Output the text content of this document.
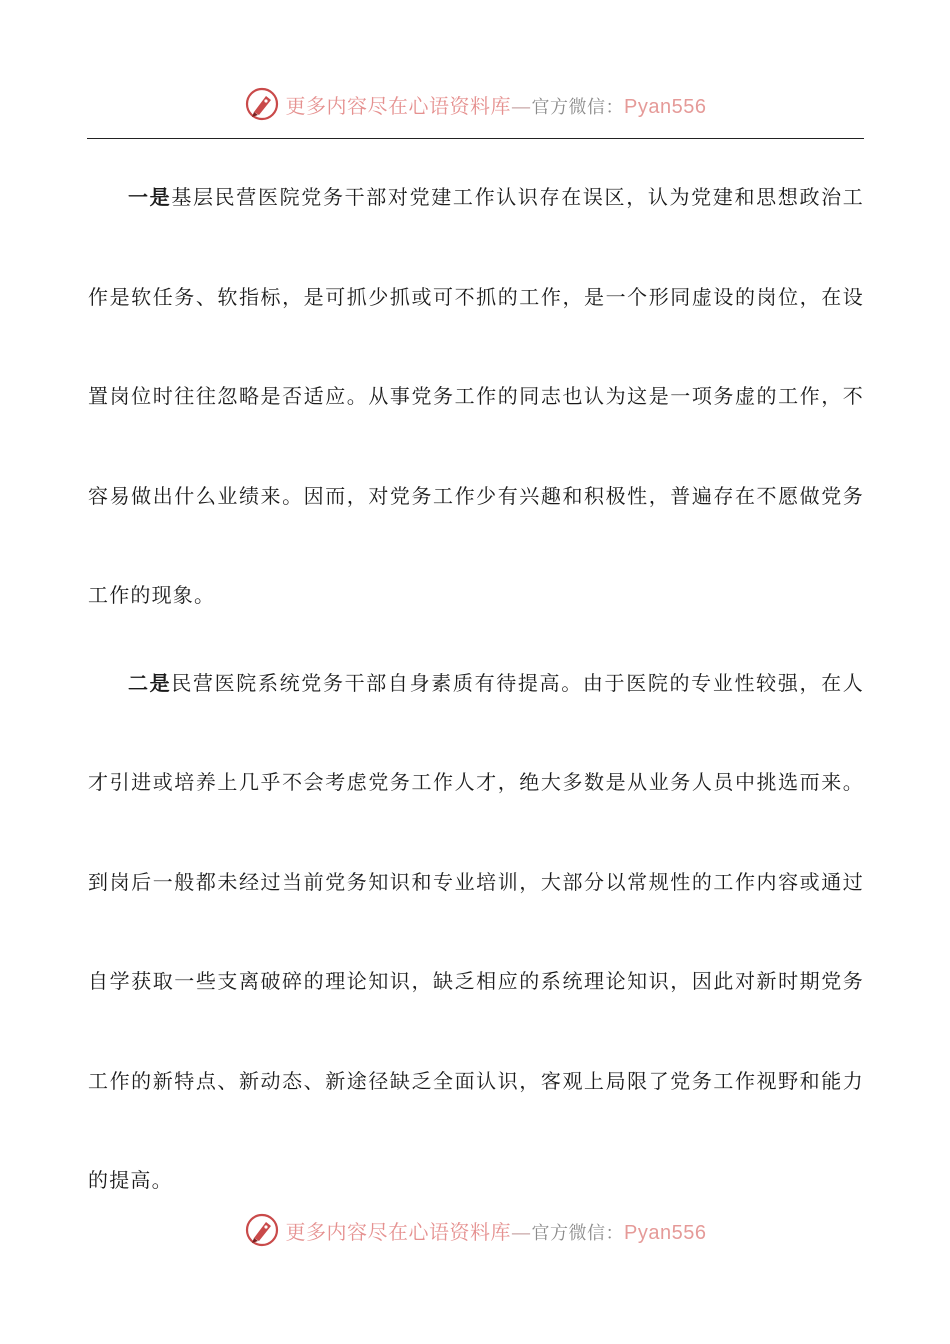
更多内容尽在心语资料库—官方微信：Pyan556

一是基层民营医院党务干部对党建工作认识存在误区，认为党建和思想政治工作是软任务、软指标，是可抓少抓或可不抓的工作，是一个形同虚设的岗位，在设置岗位时往往忽略是否适应。从事党务工作的同志也认为这是一项务虚的工作，不容易做出什么业绩来。因而，对党务工作少有兴趣和积极性，普遍存在不愿做党务工作的现象。

二是民营医院系统党务干部自身素质有待提高。由于医院的专业性较强，在人才引进或培养上几乎不会考虑党务工作人才，绝大多数是从业务人员中挑选而来。到岗后一般都未经过当前党务知识和专业培训，大部分以常规性的工作内容或通过自学获取一些支离破碎的理论知识，缺乏相应的系统理论知识，因此对新时期党务工作的新特点、新动态、新途径缺乏全面认识，客观上局限了党务工作视野和能力的提高。

更多内容尽在心语资料库—官方微信：Pyan556
